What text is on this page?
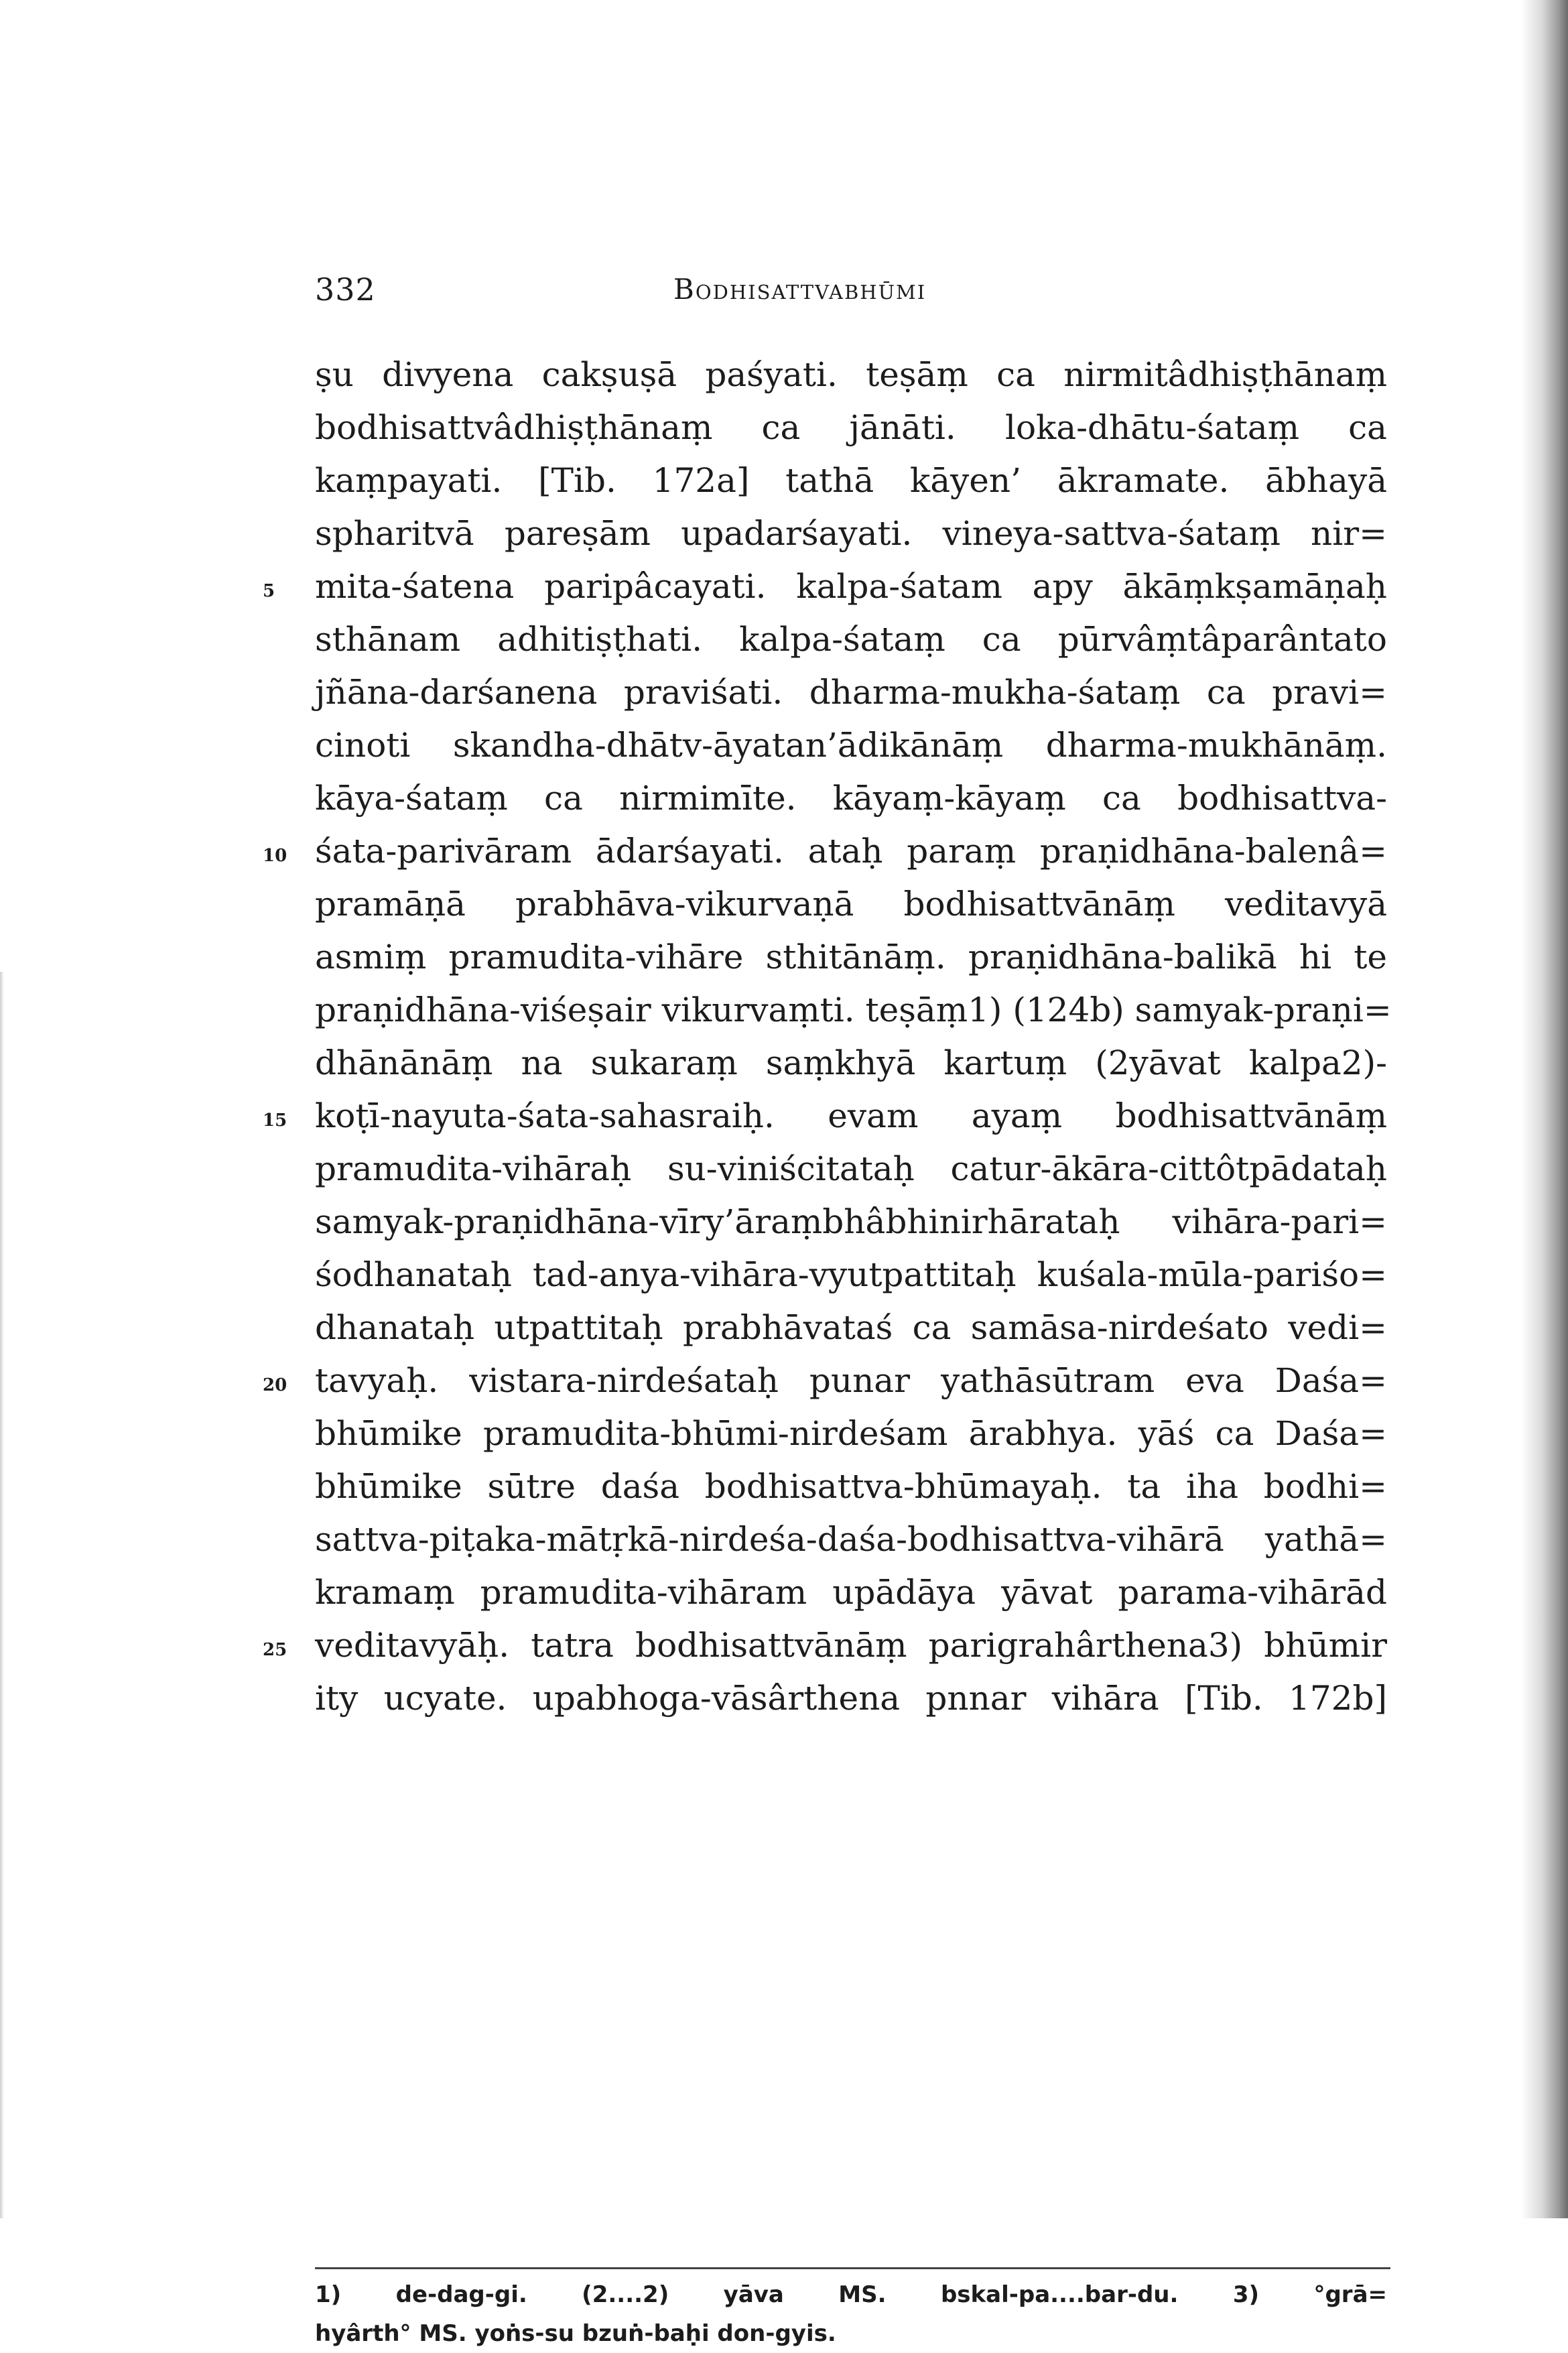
332	Bodhisattvabhūmi
ṣu divyena cakṣuṣā paśyati. teṣāṃ ca nirmitâdhiṣṭhānaṃ
bodhisattvâdhiṣṭhānaṃ ca jānāti. loka-dhātu-śataṃ ca
kaṃpayati. [Tib. 172a] tathā kāyen’ ākramate. ābhayā
spharitvā pareṣām upadarśayati. vineya-sattva-śataṃ nir=
5	mita-śatena paripâcayati. kalpa-śatam apy ākāṃkṣamāṇaḥ
sthānam adhitiṣṭhati. kalpa-śataṃ ca pūrvâṃtâparântato
jñāna-darśanena praviśati. dharma-mukha-śataṃ ca pravi=
cinoti skandha-dhātv-āyatan’ādikānāṃ dharma-mukhānāṃ.
kāya-śataṃ ca nirmimīte. kāyaṃ-kāyaṃ ca bodhisattva-
10 śata-parivāram ādarśayati. ataḥ paraṃ praṇidhāna-balenâ=
pramāṇā prabhāva-vikurvaṇā bodhisattvānāṃ veditavyā
asmiṃ pramudita-vihāre sthitānāṃ. praṇidhāna-balikā hi te
praṇidhāna-viśeṣair vikurvaṃti. teṣāṃ1) (124b) samyak-praṇi=
dhānānāṃ na sukaraṃ saṃkhyā kartuṃ (2yāvat kalpa2)-
15 koṭī-nayuta-śata-sahasraiḥ. evam ayaṃ bodhisattvānāṃ
pramudita-vihāraḥ su-viniścitataḥ catur-ākāra-cittôtpādataḥ
samyak-praṇidhāna-vīry’āraṃbhâbhinirhārataḥ vihāra-pari=
śodhanataḥ tad-anya-vihāra-vyutpattitaḥ kuśala-mūla-pariśo=
dhanataḥ utpattitaḥ prabhāvataś ca samāsa-nirdeśato vedi=
20 tavyaḥ. vistara-nirdeśataḥ punar yathāsūtram eva Daśa=
bhūmike pramudita-bhūmi-nirdeśam ārabhya. yāś ca Daśa=
bhūmike sūtre daśa bodhisattva-bhūmayaḥ. ta iha bodhi=
sattva-piṭaka-mātṛkā-nirdeśa-daśa-bodhisattva-vihārā yathā=
kramaṃ pramudita-vihāram upādāya yāvat parama-vihārād
25 veditavyāḥ. tatra bodhisattvānāṃ parigrahârthena3) bhūmir
ity ucyate. upabhoga-vāsârthena pnnar vihāra [Tib. 172b]
1) de-dag-gi. (2....2) yāva MS. bskal-pa....bar-du. 3) °grā=
hyârth° MS. yoṅs-su bzuṅ-baḥi don-gyis.
